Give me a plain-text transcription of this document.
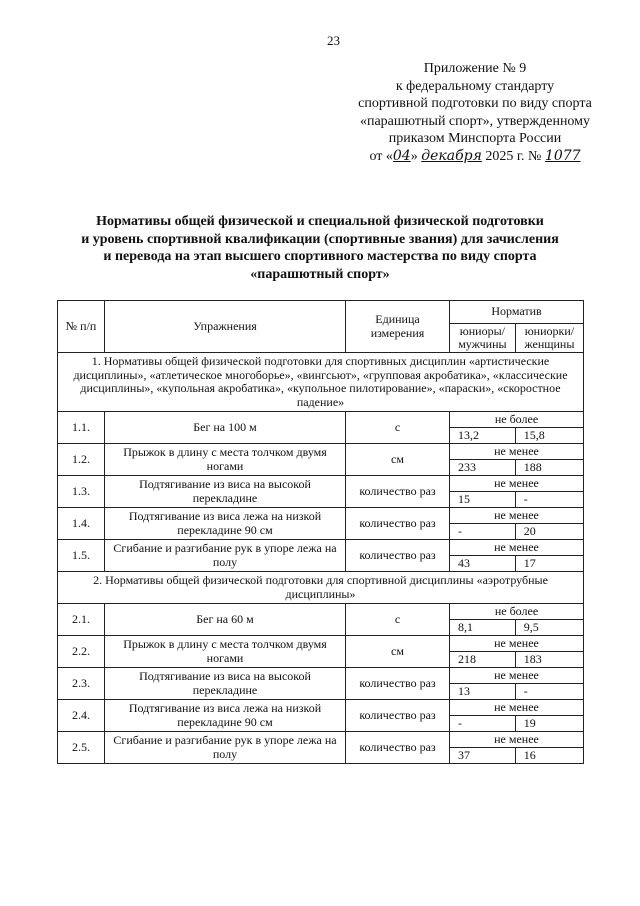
23
Приложение № 9
к федеральному стандарту
спортивной подготовки по виду спорта
«парашютный спорт», утвержденному
приказом Минспорта России
от «04» декабря 2025 г. № 1077
Нормативы общей физической и специальной физической подготовки
и уровень спортивной квалификации (спортивные звания) для зачисления
и перевода на этап высшего спортивного мастерства по виду спорта
«парашютный спорт»
№ п/п	Упражнения	Единица измерения	Норматив	
			юниоры/ мужчины	юниорки/ женщины
1. Нормативы общей физической подготовки для спортивных дисциплин «артистические дисциплины», «атлетическое многоборье», «вингсьют», «групповая акробатика», «классические дисциплины», «купольная акробатика», «купольное пилотирование», «параски», «скоростное падение»				
1.1.	Бег на 100 м	с	не более	
			13,2	15,8
1.2.	Прыжок в длину с места толчком двумя ногами	см	не менее	
			233	188
1.3.	Подтягивание из виса на высокой перекладине	количество раз	не менее	
			15	-
1.4.	Подтягивание из виса лежа на низкой перекладине 90 см	количество раз	не менее	
			-	20
1.5.	Сгибание и разгибание рук в упоре лежа на полу	количество раз	не менее	
			43	17
2. Нормативы общей физической подготовки для спортивной дисциплины «аэротрубные дисциплины»				
2.1.	Бег на 60 м	с	не более	
			8,1	9,5
2.2.	Прыжок в длину с места толчком двумя ногами	см	не менее	
			218	183
2.3.	Подтягивание из виса на высокой перекладине	количество раз	не менее	
			13	-
2.4.	Подтягивание из виса лежа на низкой перекладине 90 см	количество раз	не менее	
			-	19
2.5.	Сгибание и разгибание рук в упоре лежа на полу	количество раз	не менее	
			37	16
